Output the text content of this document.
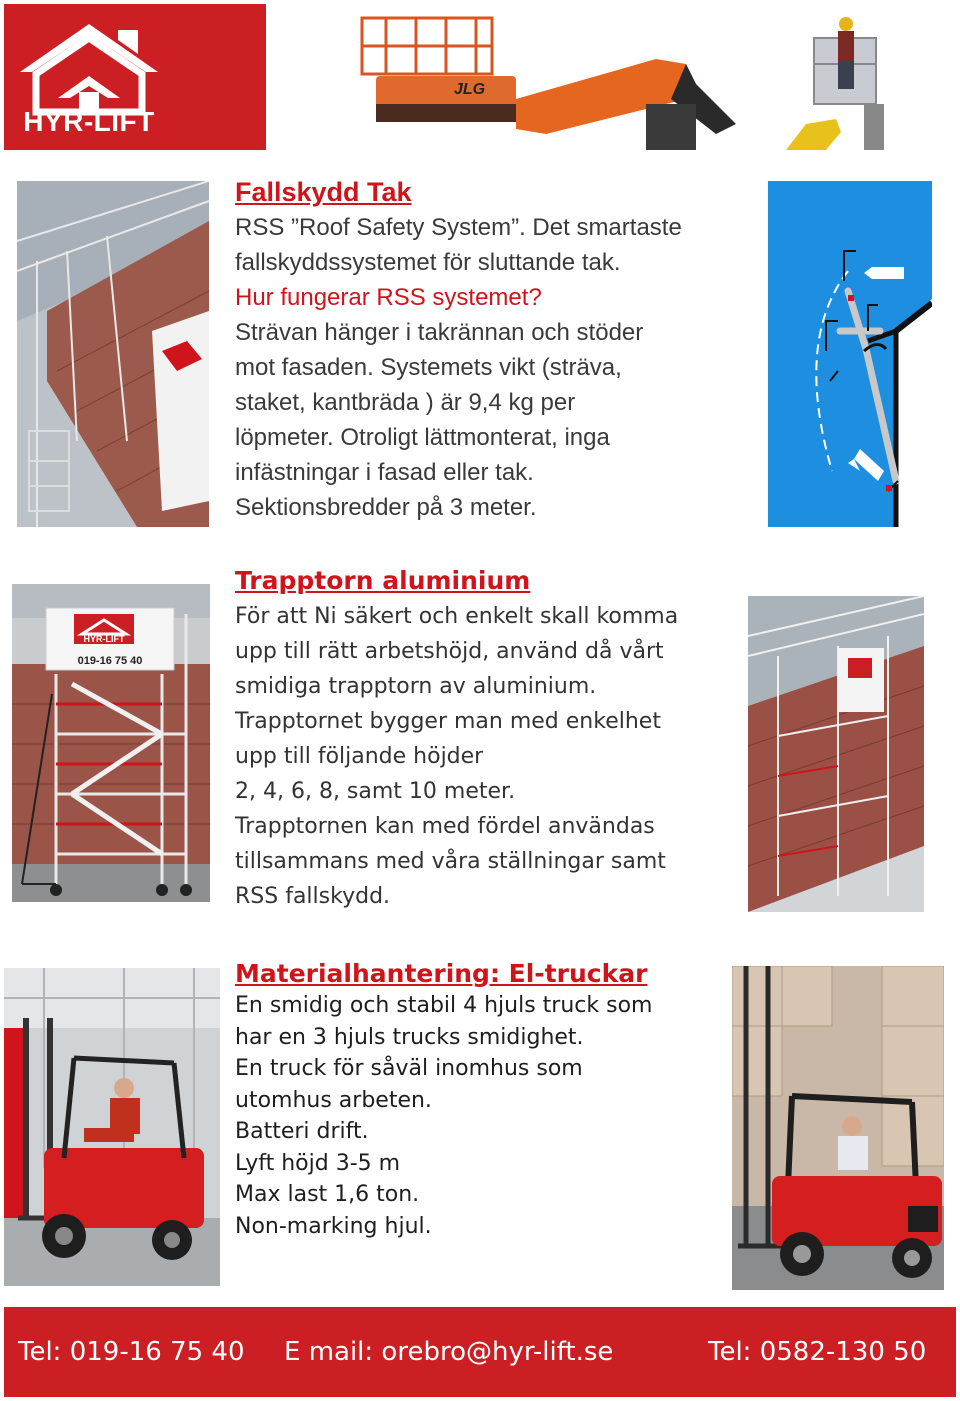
HYR-LIFT
JLG
Fallskydd Tak
RSS ”Roof Safety System”. Det smartaste
fallskyddssystemet för sluttande tak.
Hur fungerar RSS systemet?
Strävan hänger i takrännan och stöder
mot fasaden. Systemets vikt (sträva,
staket, kantbräda ) är 9,4 kg per
löpmeter. Otroligt lättmonterat, inga
infästningar i fasad eller tak.
Sektionsbredder på 3 meter.
HYR-LIFT
019-16 75 40
Trapptorn aluminium
För att Ni säkert och enkelt skall komma
upp till rätt arbetshöjd, använd då vårt
smidiga trapptorn av aluminium.
Trapptornet bygger man med enkelhet
upp till följande höjder
2, 4, 6, 8, samt 10 meter.
Trapptornen kan med fördel användas
tillsammans med våra ställningar samt
RSS fallskydd.
Materialhantering: El-truckar
En smidig och stabil 4 hjuls truck som
har en 3 hjuls trucks smidighet.
En truck för såväl inomhus som
utomhus arbeten.
Batteri drift.
Lyft höjd 3-5 m
Max last 1,6 ton.
Non-marking hjul.
Tel: 019-16 75 40 E mail: orebro@hyr-lift.se	Tel: 0582-130 50
